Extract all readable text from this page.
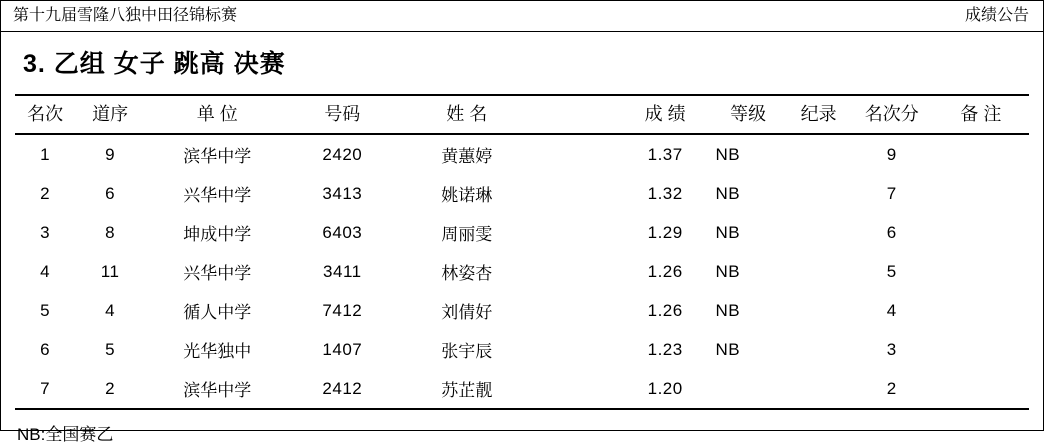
第十九届雪隆八独中田径锦标赛	成绩公告
3. 乙组 女子 跳高 决赛
名次	道序	单 位	号码	姓 名		成 绩	等级	纪录	名次分	备 注
1	9	滨华中学	2420	黄蕙婷		1.37	NB		9	
2	6	兴华中学	3413	姚诺琳		1.32	NB		7	
3	8	坤成中学	6403	周丽雯		1.29	NB		6	
4	11	兴华中学	3411	林姿杏		1.26	NB		5	
5	4	循人中学	7412	刘倩好		1.26	NB		4	
6	5	光华独中	1407	张宇辰		1.23	NB		3	
7	2	滨华中学	2412	苏芷靓		1.20			2	
NB:全国赛乙
